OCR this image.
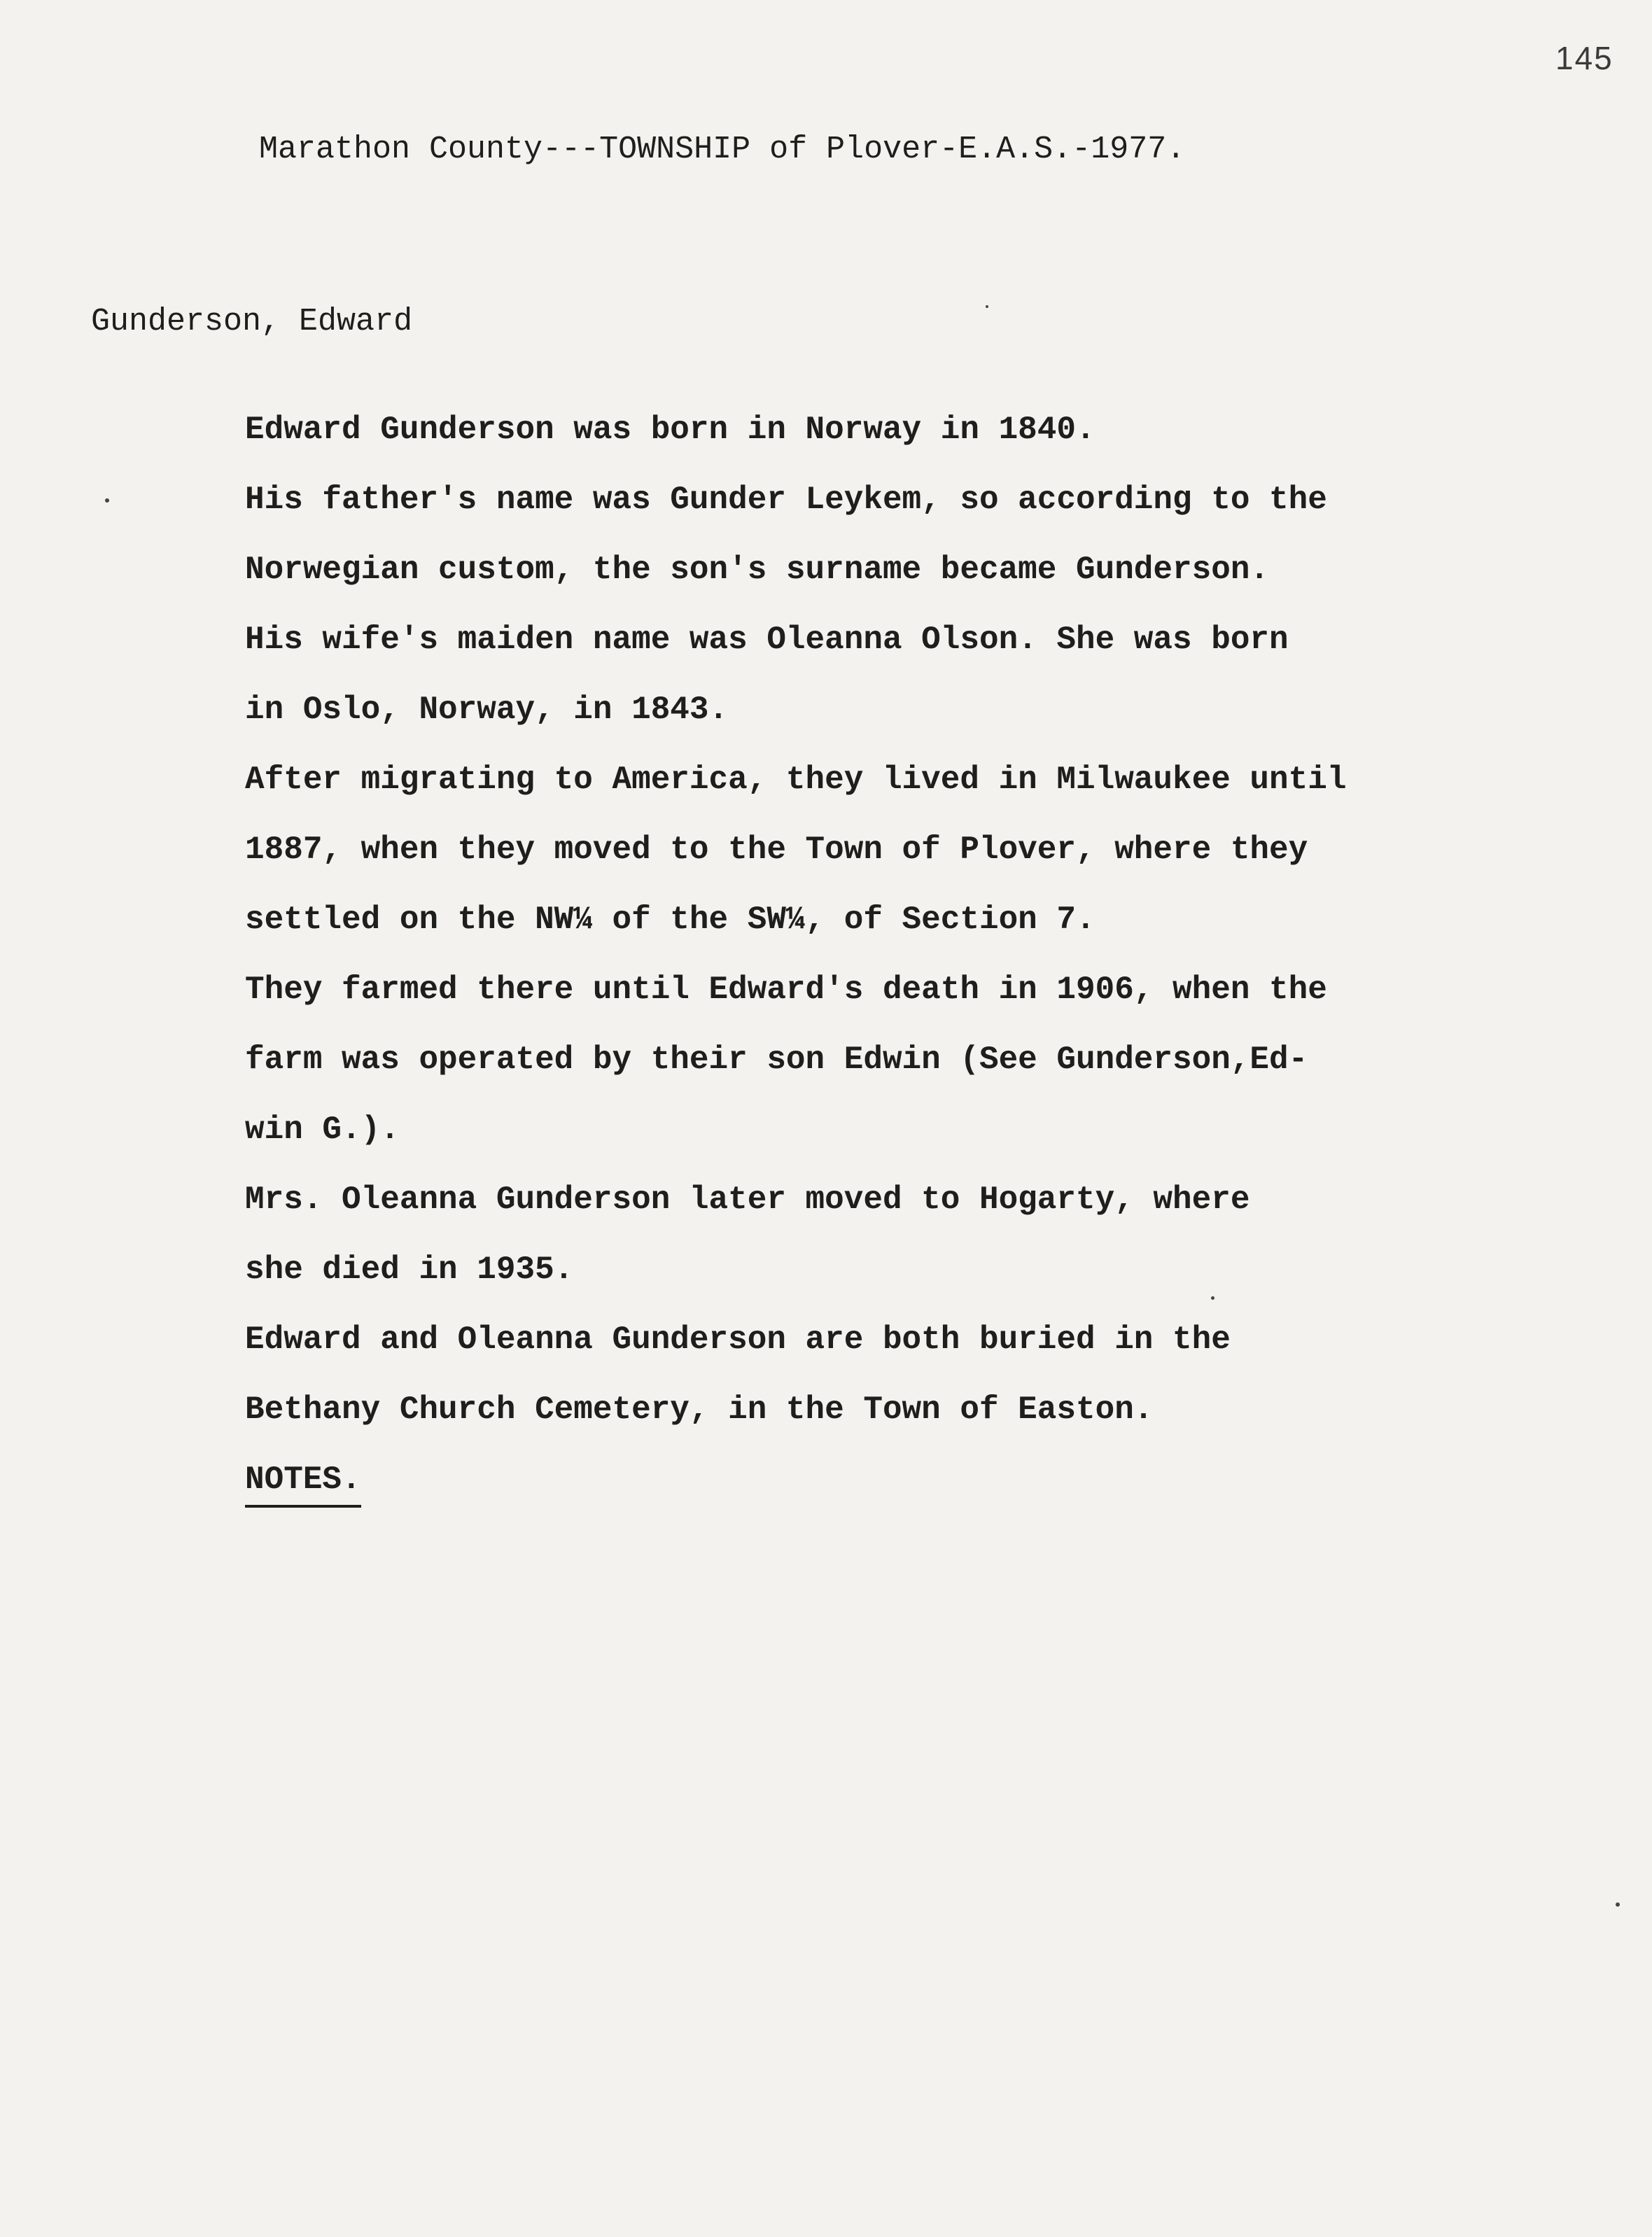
145
Marathon County---TOWNSHIP of Plover-E.A.S.-1977.
Gunderson, Edward
Edward Gunderson was born in Norway in 1840.
His father's name was Gunder Leykem, so according to the
Norwegian custom, the son's surname became Gunderson.
His wife's maiden name was Oleanna Olson. She was born
in Oslo, Norway, in 1843.
After migrating to America, they lived in Milwaukee until
1887, when they moved to the Town of Plover, where they
settled on the NW¼ of the SW¼, of Section 7.
They farmed there until Edward's death in 1906, when the
farm was operated by their son Edwin (See Gunderson,Ed-
win G.).
Mrs. Oleanna Gunderson later moved to Hogarty, where
she died in 1935.
Edward and Oleanna Gunderson are both buried in the
Bethany Church Cemetery, in the Town of Easton.
NOTES.
